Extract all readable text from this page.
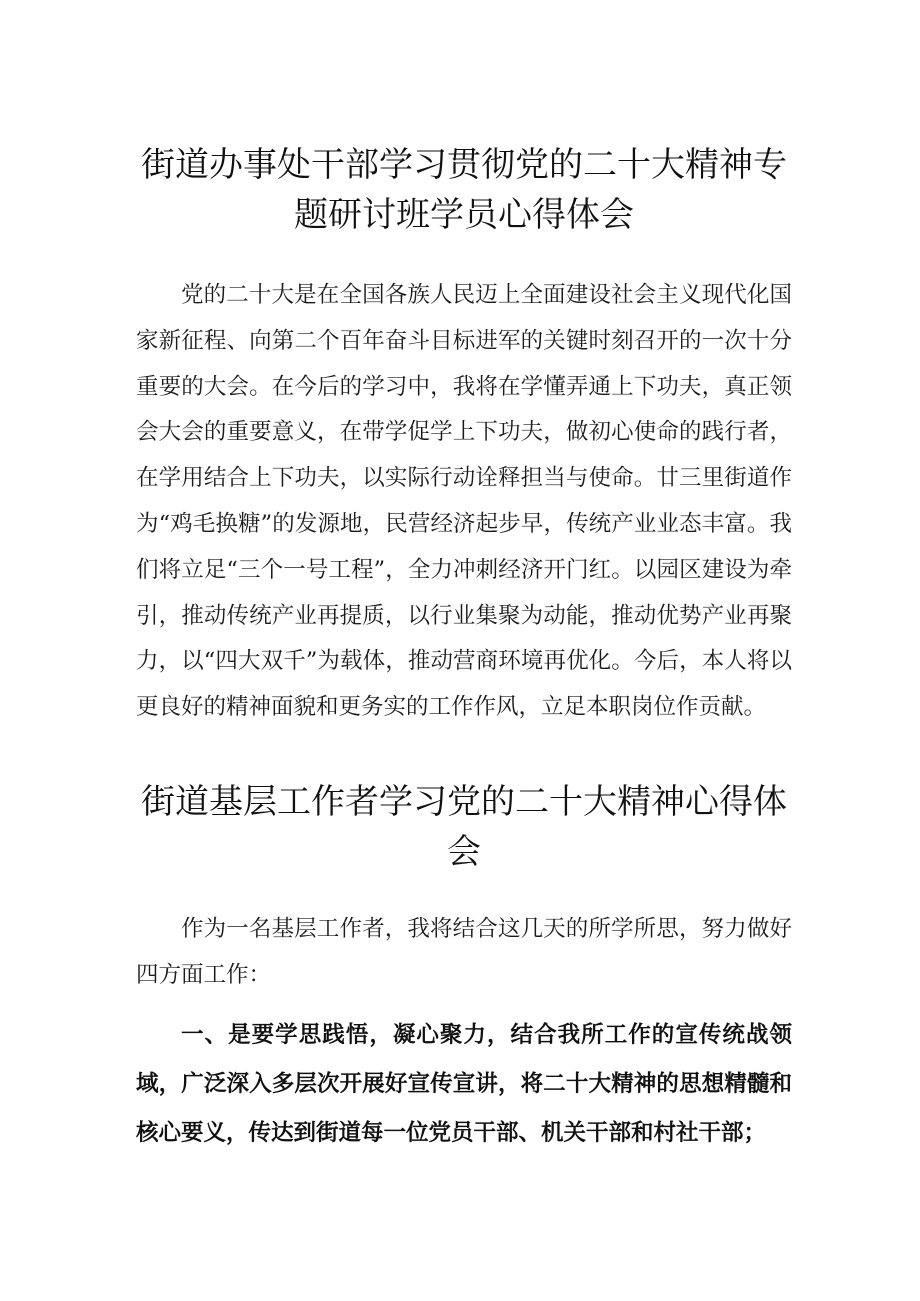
街道办事处干部学习贯彻党的二十大精神专
题研讨班学员心得体会

党的二十大是在全国各族人民迈上全面建设社会主义现代化国家新征程、向第二个百年奋斗目标进军的关键时刻召开的一次十分重要的大会。在今后的学习中，我将在学懂弄通上下功夫，真正领会大会的重要意义，在带学促学上下功夫，做初心使命的践行者，在学用结合上下功夫，以实际行动诠释担当与使命。廿三里街道作为“鸡毛换糖”的发源地，民营经济起步早，传统产业业态丰富。我们将立足“三个一号工程”，全力冲刺经济开门红。以园区建设为牵引，推动传统产业再提质，以行业集聚为动能，推动优势产业再聚力，以“四大双千”为载体，推动营商环境再优化。今后，本人将以更良好的精神面貌和更务实的工作作风，立足本职岗位作贡献。

街道基层工作者学习党的二十大精神心得体
会

作为一名基层工作者，我将结合这几天的所学所思，努力做好四方面工作：

一、是要学思践悟，凝心聚力，结合我所工作的宣传统战领域，广泛深入多层次开展好宣传宣讲，将二十大精神的思想精髓和核心要义，传达到街道每一位党员干部、机关干部和村社干部；
